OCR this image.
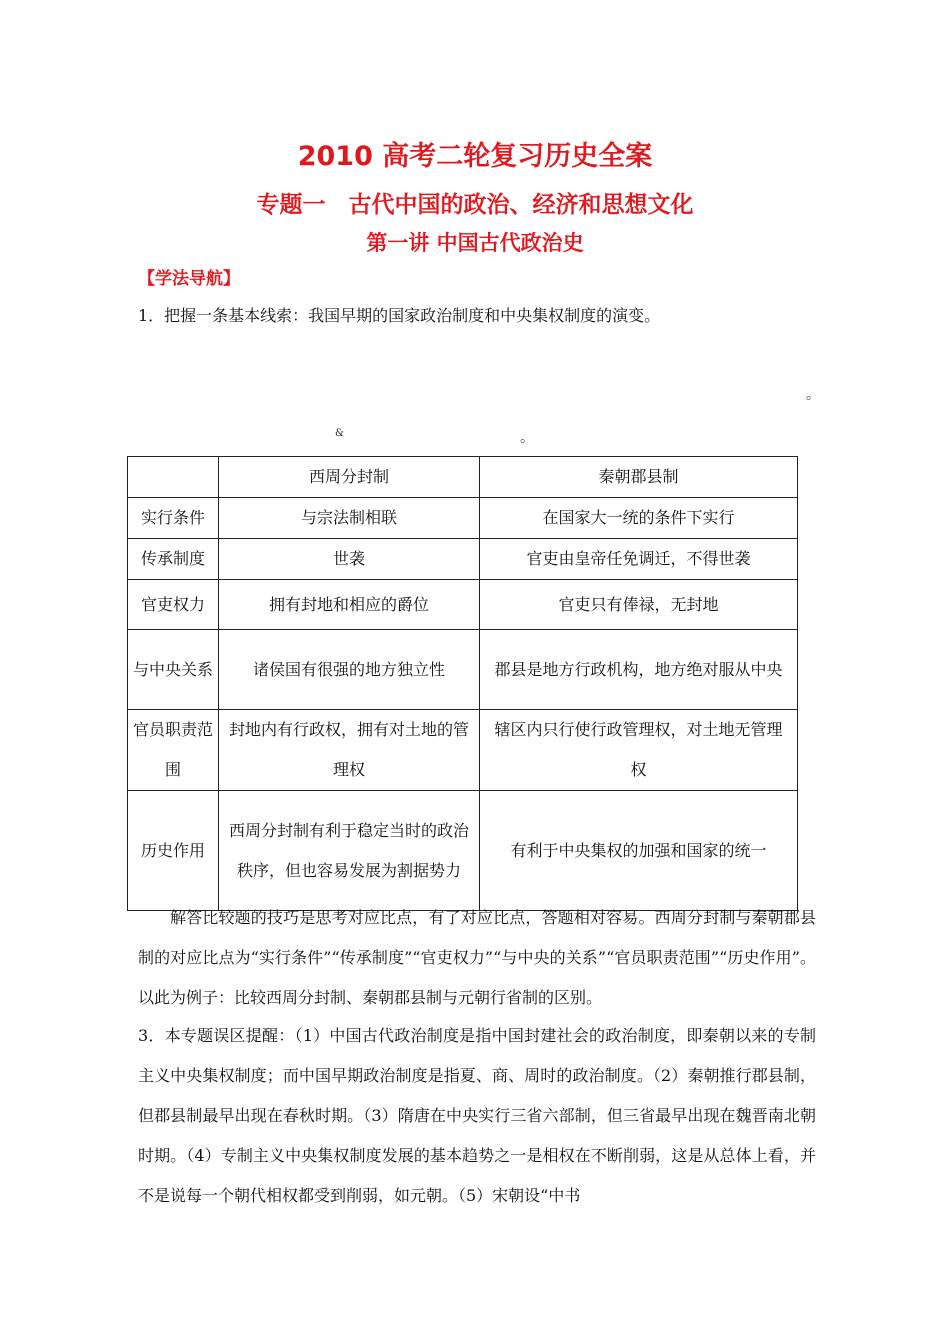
2010 高考二轮复习历史全案
专题一　古代中国的政治、经济和思想文化
第一讲 中国古代政治史
【学法导航】
1．把握一条基本线索：我国早期的国家政治制度和中央集权制度的演变。
。
&	。
	西周分封制	秦朝郡县制
实行条件	与宗法制相联	在国家大一统的条件下实行
传承制度	世袭	官吏由皇帝任免调迁，不得世袭
官吏权力	拥有封地和相应的爵位	官吏只有俸禄，无封地
与中央关系	诸侯国有很强的地方独立性	郡县是地方行政机构，地方绝对服从中央
官员职责范围	封地内有行政权，拥有对土地的管理权	辖区内只行使行政管理权，对土地无管理权
历史作用	西周分封制有利于稳定当时的政治秩序，但也容易发展为割据势力	有利于中央集权的加强和国家的统一
解答比较题的技巧是思考对应比点，有了对应比点，答题相对容易。西周分封制与秦朝郡县制的对应比点为“实行条件”“传承制度”“官吏权力”“与中央的关系”“官员职责范围”“历史作用”。以此为例子：比较西周分封制、秦朝郡县制与元朝行省制的区别。
3．本专题误区提醒：（1）中国古代政治制度是指中国封建社会的政治制度，即秦朝以来的专制主义中央集权制度；而中国早期政治制度是指夏、商、周时的政治制度。（2）秦朝推行郡县制，但郡县制最早出现在春秋时期。（3）隋唐在中央实行三省六部制，但三省最早出现在魏晋南北朝时期。（4）专制主义中央集权制度发展的基本趋势之一是相权在不断削弱，这是从总体上看，并不是说每一个朝代相权都受到削弱，如元朝。（5）宋朝设“中书
